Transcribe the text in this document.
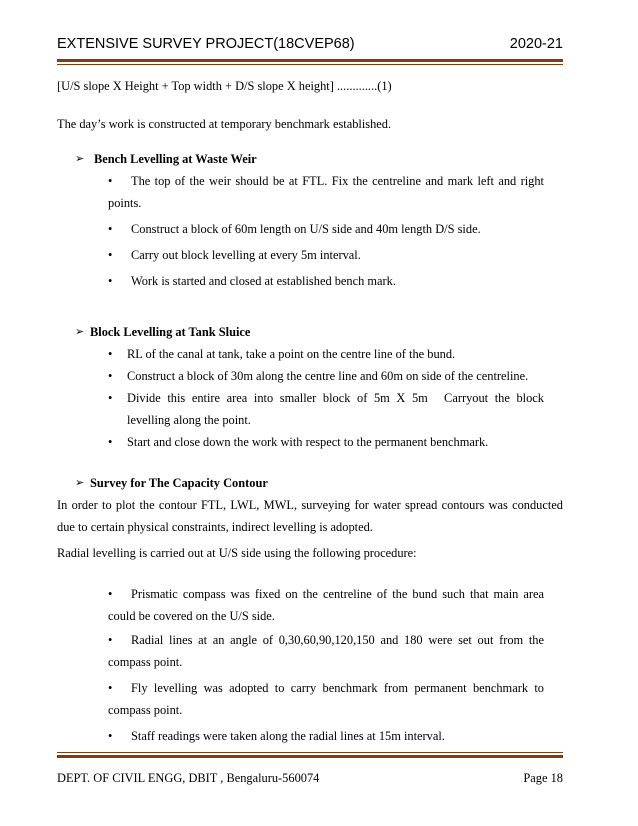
EXTENSIVE SURVEY PROJECT(18CVEP68)	2020-21
[U/S slope X Height + Top width + D/S slope X height] .............(1)
The day’s work is constructed at temporary benchmark established.
➢ Bench Levelling at Waste Weir
• The top of the weir should be at FTL. Fix the centreline and mark left and right
points.
• Construct a block of 60m length on U/S side and 40m length D/S side.
• Carry out block levelling at every 5m interval.
• Work is started and closed at established bench mark.
➢ Block Levelling at Tank Sluice
• RL of the canal at tank, take a point on the centre line of the bund.
• Construct a block of 30m along the centre line and 60m on side of the centreline.
• Divide this entire area into smaller block of 5m X 5m Carryout the block
levelling along the point.
• Start and close down the work with respect to the permanent benchmark.
➢ Survey for The Capacity Contour
In order to plot the contour FTL, LWL, MWL, surveying for water spread contours was conducted
due to certain physical constraints, indirect levelling is adopted.
Radial levelling is carried out at U/S side using the following procedure:
• Prismatic compass was fixed on the centreline of the bund such that main area
could be covered on the U/S side.
• Radial lines at an angle of 0,30,60,90,120,150 and 180 were set out from the
compass point.
• Fly levelling was adopted to carry benchmark from permanent benchmark to
compass point.
• Staff readings were taken along the radial lines at 15m interval.
DEPT. OF CIVIL ENGG, DBIT , Bengaluru-560074	Page 18
